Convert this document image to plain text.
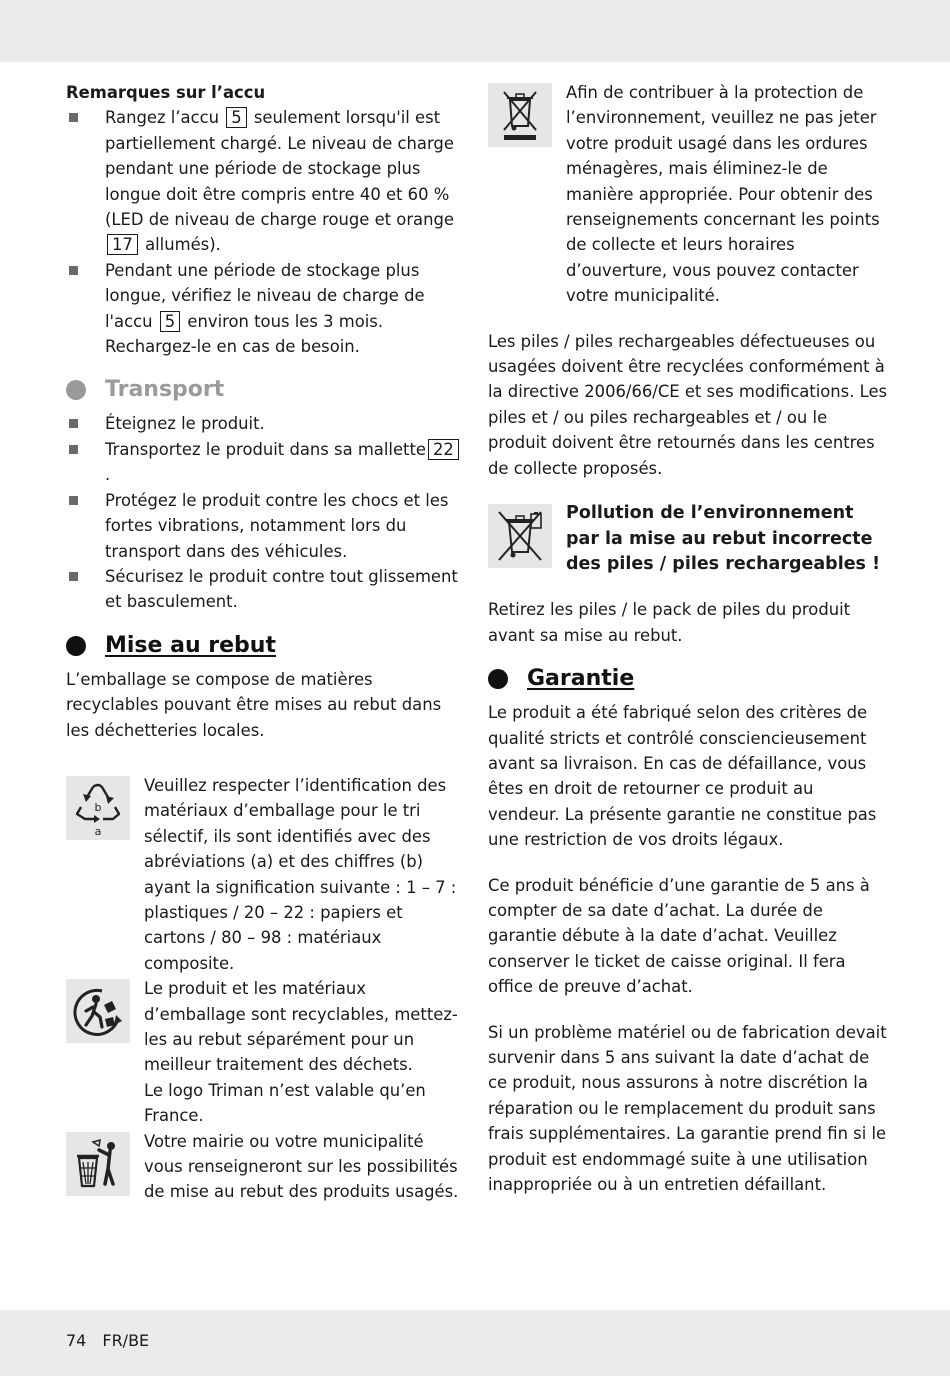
Remarques sur l’accu

Rangez l’accu 5 seulement lorsqu'il est partiellement chargé. Le niveau de charge pendant une période de stockage plus longue doit être compris entre 40 et 60 % (LED de niveau de charge rouge et orange 17 allumés).
Pendant une période de stockage plus longue, vérifiez le niveau de charge de l'accu 5 environ tous les 3 mois. Rechargez-le en cas de besoin.
Transport
Éteignez le produit.
Transportez le produit dans sa mallette 22.
Protégez le produit contre les chocs et les fortes vibrations, notamment lors du transport dans des véhicules.
Sécurisez le produit contre tout glissement et basculement.
Mise au rebut

L’emballage se compose de matières recyclables pouvant être mises au rebut dans les déchetteries locales.

b
a
Veuillez respecter l’identification des matériaux d’emballage pour le tri sélectif, ils sont identifiés avec des abréviations (a) et des chiffres (b) ayant la signification suivante : 1 – 7 : plastiques / 20 – 22 : papiers et cartons / 80 – 98 : matériaux composite.

Le produit et les matériaux d’emballage sont recyclables, mettez-les au rebut séparément pour un meilleur traitement des déchets.

Le logo Triman n’est valable qu’en France.

Votre mairie ou votre municipalité vous renseigneront sur les possibilités de mise au rebut des produits usagés.
Afin de contribuer à la protection de l’environnement, veuillez ne pas jeter votre produit usagé dans les ordures ménagères, mais éliminez-le de manière appropriée. Pour obtenir des renseignements concernant les points de collecte et leurs horaires d’ouverture, vous pouvez contacter votre municipalité.

Les piles / piles rechargeables défectueuses ou usagées doivent être recyclées conformément à la directive 2006/66/CE et ses modifications. Les piles et / ou piles rechargeables et / ou le produit doivent être retournés dans les centres de collecte proposés.

Pollution de l’environnement par la mise au rebut incorrecte des piles / piles rechargeables !

Retirez les piles / le pack de piles du produit avant sa mise au rebut.

Garantie

Le produit a été fabriqué selon des critères de qualité stricts et contrôlé consciencieusement avant sa livraison. En cas de défaillance, vous êtes en droit de retourner ce produit au vendeur. La présente garantie ne constitue pas une restriction de vos droits légaux.

Ce produit bénéficie d’une garantie de 5 ans à compter de sa date d’achat. La durée de garantie débute à la date d’achat. Veuillez conserver le ticket de caisse original. Il fera office de preuve d’achat.

Si un problème matériel ou de fabrication devait survenir dans 5 ans suivant la date d’achat de ce produit, nous assurons à notre discrétion la réparation ou le remplacement du produit sans frais supplémentaires. La garantie prend fin si le produit est endommagé suite à une utilisation inappropriée ou à un entretien défaillant.

74 FR/BE
